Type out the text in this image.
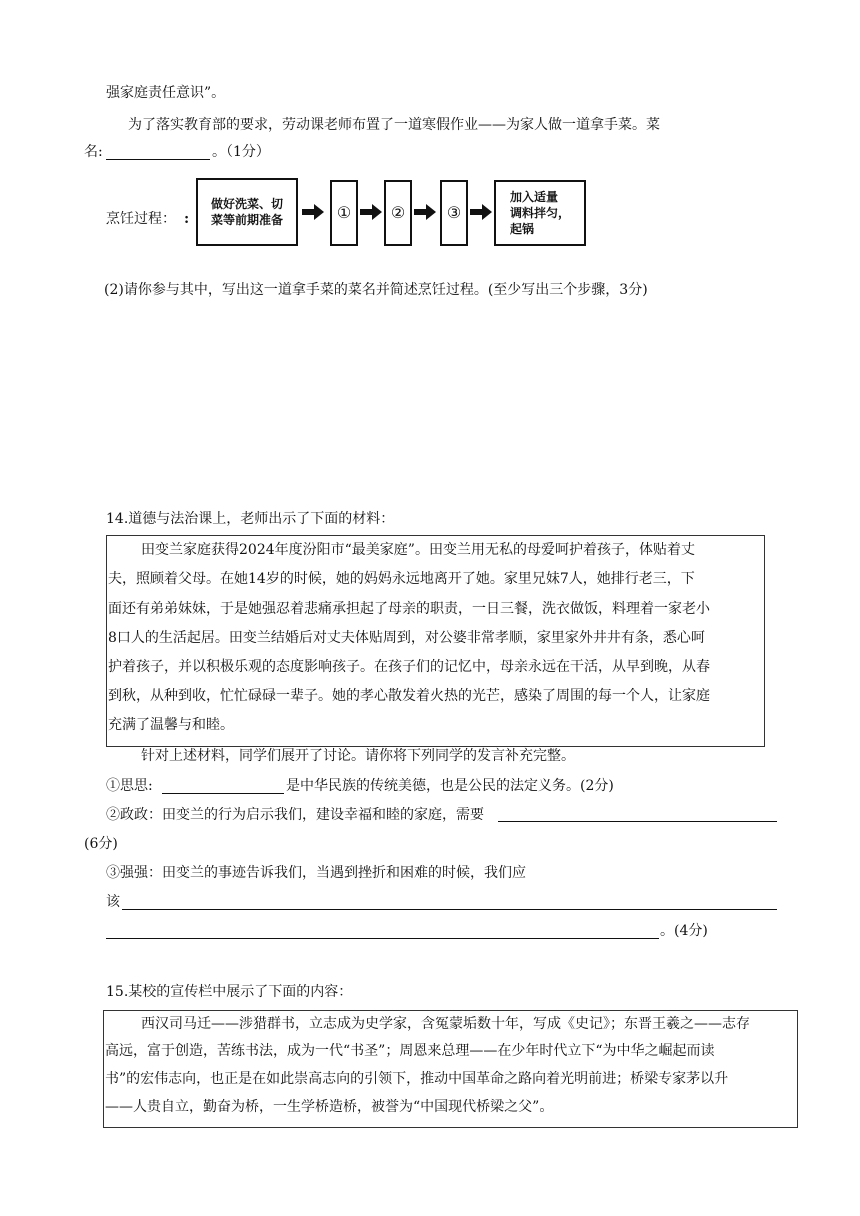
强家庭责任意识”。
为了落实教育部的要求，劳动课老师布置了一道寒假作业——为家人做一道拿手菜。菜
名:	。（1分）
烹饪过程： :
做好洗菜、切
菜等前期准备	① ②	③
加入适量
调料拌匀，
起锅
(2)请你参与其中，写出这一道拿手菜的菜名并简述烹饪过程。(至少写出三个步骤，3分)
14.道德与法治课上，老师出示了下面的材料：
田变兰家庭获得2024年度汾阳市“最美家庭”。田变兰用无私的母爱呵护着孩子，体贴着丈
夫，照顾着父母。在她14岁的时候，她的妈妈永远地离开了她。家里兄妹7人，她排行老三，下
面还有弟弟妹妹，于是她强忍着悲痛承担起了母亲的职责，一日三餐，洗衣做饭，料理着一家老小
8口人的生活起居。田变兰结婚后对丈夫体贴周到，对公婆非常孝顺，家里家外井井有条，悉心呵
护着孩子，并以积极乐观的态度影响孩子。在孩子们的记忆中，母亲永远在干活，从早到晚，从春
到秋，从种到收，忙忙碌碌一辈子。她的孝心散发着火热的光芒，感染了周围的每一个人，让家庭
充满了温馨与和睦。
针对上述材料，同学们展开了讨论。请你将下列同学的发言补充完整。
①思思:	是中华民族的传统美德，也是公民的法定义务。(2分)
②政政：田变兰的行为启示我们，建设幸福和睦的家庭，需要
(6分)
③强强：田变兰的事迹告诉我们，当遇到挫折和困难的时候，我们应
该
。(4分)
15.某校的宣传栏中展示了下面的内容：
西汉司马迁——涉猎群书，立志成为史学家，含冤蒙垢数十年，写成《史记》；东晋王羲之——志存
高远，富于创造，苦练书法，成为一代“书圣”；周恩来总理——在少年时代立下“为中华之崛起而读
书”的宏伟志向，也正是在如此崇高志向的引领下，推动中国革命之路向着光明前进；桥梁专家茅以升
——人贵自立，勤奋为桥，一生学桥造桥，被誉为“中国现代桥梁之父”。
